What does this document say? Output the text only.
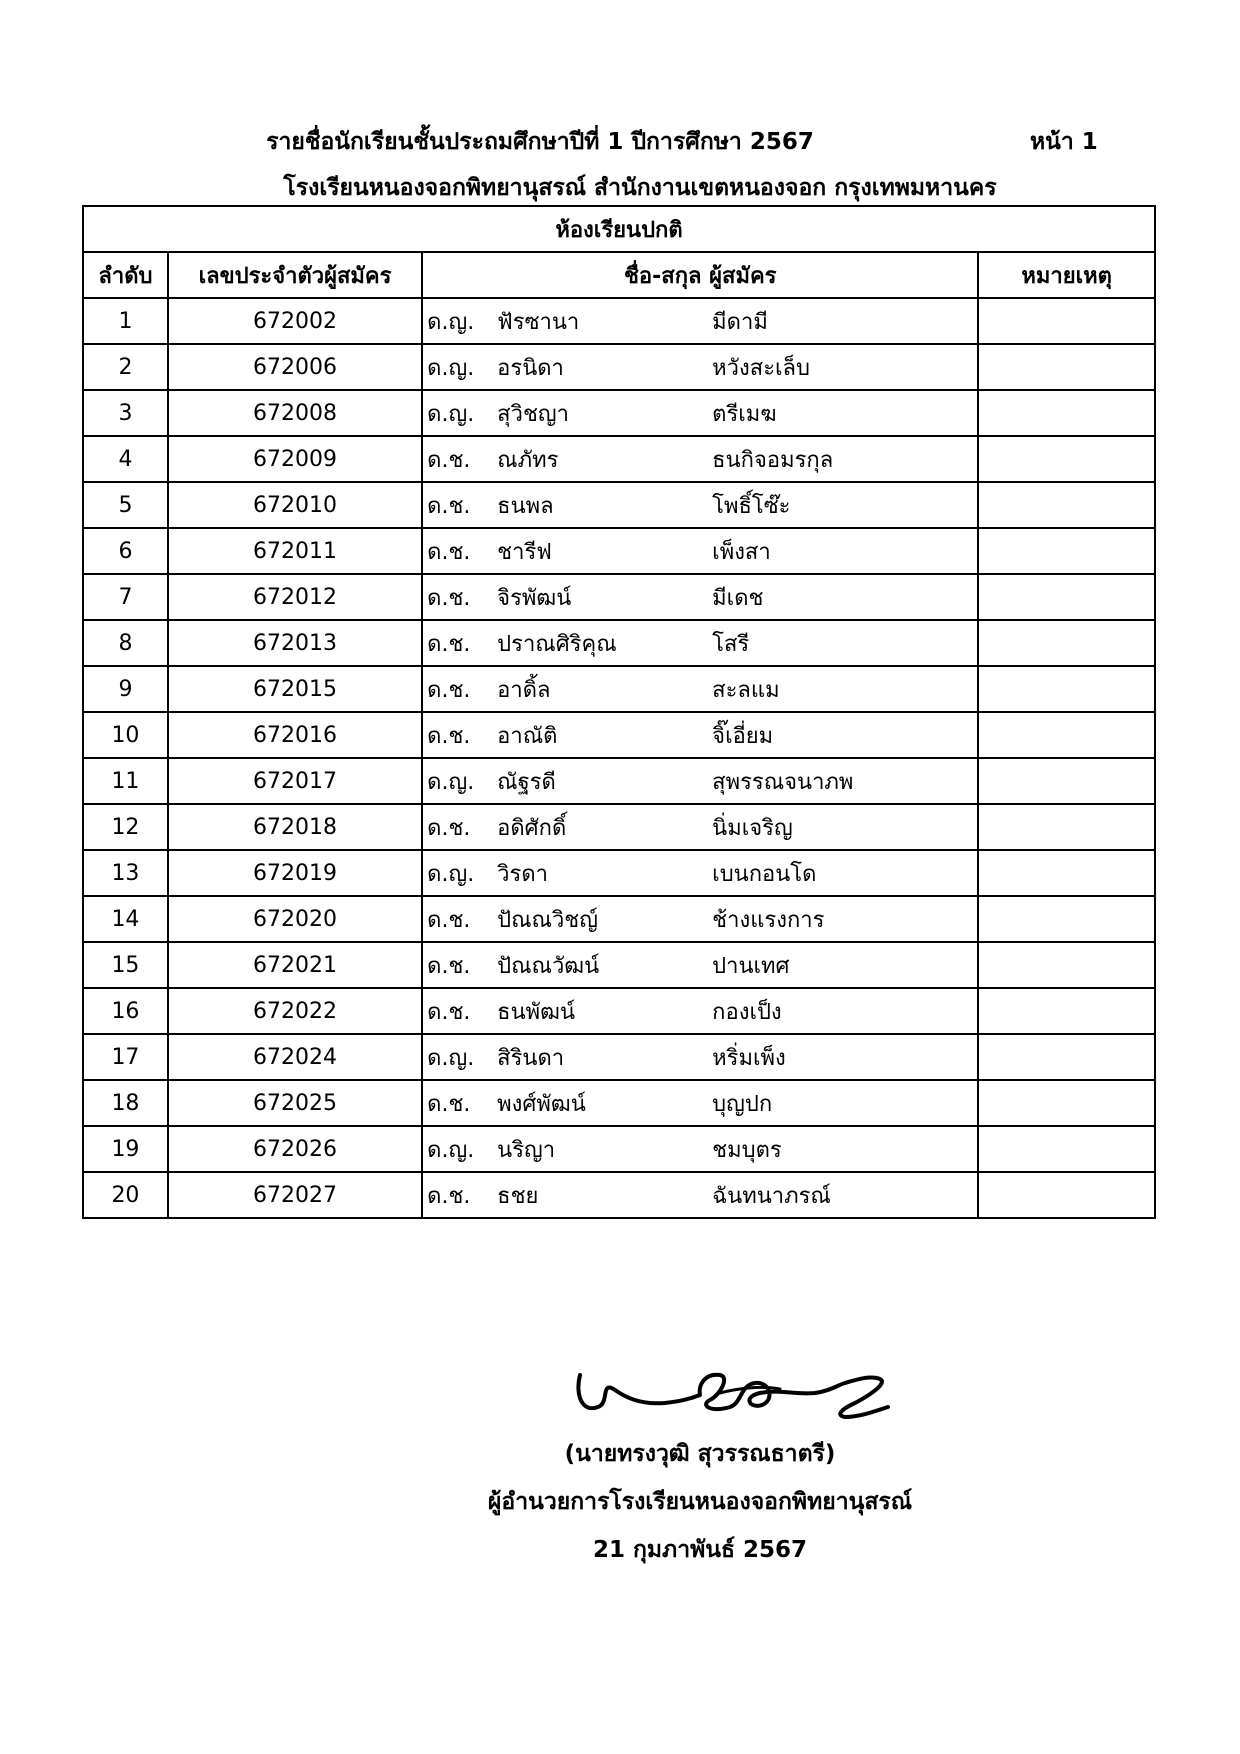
รายชื่อนักเรียนชั้นประถมศึกษาปีที่ 1 ปีการศึกษา 2567	หน้า 1
โรงเรียนหนองจอกพิทยานุสรณ์ สำนักงานเขตหนองจอก กรุงเทพมหานคร
ห้องเรียนปกติ			
ลำดับ	เลขประจำตัวผู้สมัคร	ชื่อ-สกุล ผู้สมัคร	หมายเหตุ
1	672002	ด.ญ. ฟัรซานา มีดามี	

2	672006	ด.ญ. อรนิดา หวังสะเล็บ	

3	672008	ด.ญ. สุวิชญา ตรีเมฆ	

4	672009	ด.ช. ณภัทร ธนกิจอมรกุล	

5	672010	ด.ช. ธนพล โพธิ์โซ๊ะ	

6	672011	ด.ช. ชารีฟ เพ็งสา	

7	672012	ด.ช. จิรพัฒน์ มีเดช	

8	672013	ด.ช. ปราณศิริคุณ โสรี	

9	672015	ด.ช. อาดิ้ล สะลแม	

10	672016	ด.ช. อาณัติ จิ๊เอี่ยม	

11	672017	ด.ญ. ณัฐรดี สุพรรณจนาภพ	

12	672018	ด.ช. อดิศักดิ์ นิ่มเจริญ	

13	672019	ด.ญ. วิรดา เบนกอนโด	

14	672020	ด.ช. ปัณณวิชญ์ ช้างแรงการ	

15	672021	ด.ช. ปัณณวัฒน์ ปานเทศ	

16	672022	ด.ช. ธนพัฒน์ กองเป็ง	

17	672024	ด.ญ. สิรินดา หริ่มเพ็ง	

18	672025	ด.ช. พงศ์พัฒน์ บุญปก	

19	672026	ด.ญ. นริญา ชมบุตร	

20	672027	ด.ช. ธชย ฉันทนาภรณ์	

(นายทรงวุฒิ สุวรรณธาตรี)
ผู้อำนวยการโรงเรียนหนองจอกพิทยานุสรณ์
21 กุมภาพันธ์ 2567
